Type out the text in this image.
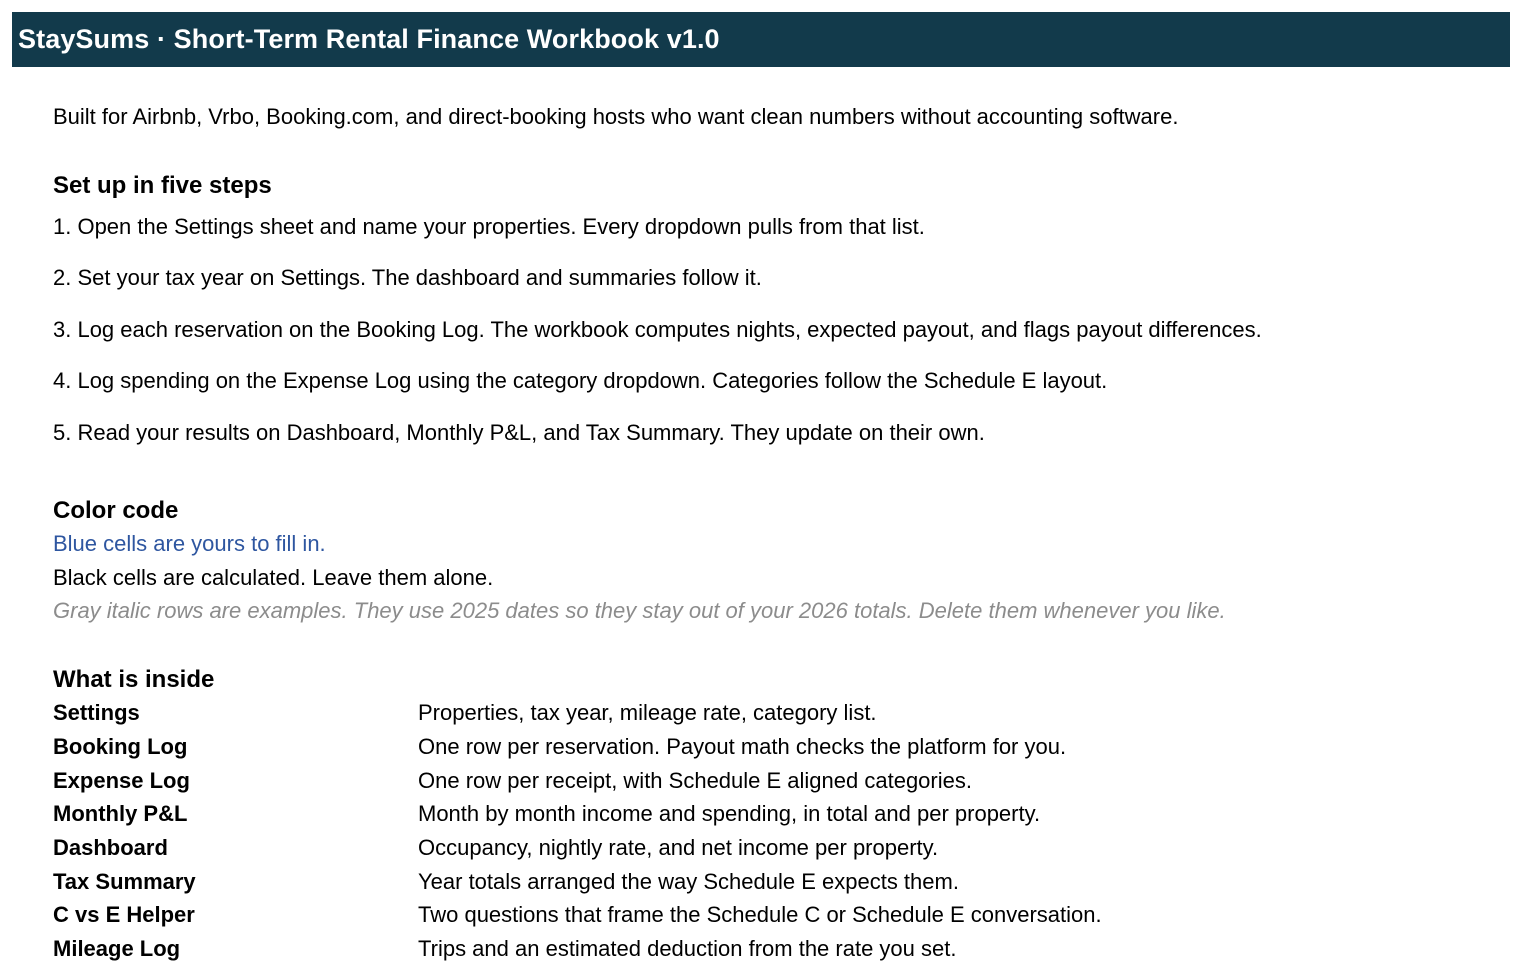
StaySums · Short-Term Rental Finance Workbook v1.0
Built for Airbnb, Vrbo, Booking.com, and direct-booking hosts who want clean numbers without accounting software.
Set up in five steps
1. Open the Settings sheet and name your properties. Every dropdown pulls from that list.
2. Set your tax year on Settings. The dashboard and summaries follow it.
3. Log each reservation on the Booking Log. The workbook computes nights, expected payout, and flags payout differences.
4. Log spending on the Expense Log using the category dropdown. Categories follow the Schedule E layout.
5. Read your results on Dashboard, Monthly P&L, and Tax Summary. They update on their own.
Color code
Blue cells are yours to fill in.
Black cells are calculated. Leave them alone.
Gray italic rows are examples. They use 2025 dates so they stay out of your 2026 totals. Delete them whenever you like.
What is inside
Settings	Properties, tax year, mileage rate, category list.
Booking Log	One row per reservation. Payout math checks the platform for you.
Expense Log	One row per receipt, with Schedule E aligned categories.
Monthly P&L	Month by month income and spending, in total and per property.
Dashboard	Occupancy, nightly rate, and net income per property.
Tax Summary	Year totals arranged the way Schedule E expects them.
C vs E Helper	Two questions that frame the Schedule C or Schedule E conversation.
Mileage Log	Trips and an estimated deduction from the rate you set.
